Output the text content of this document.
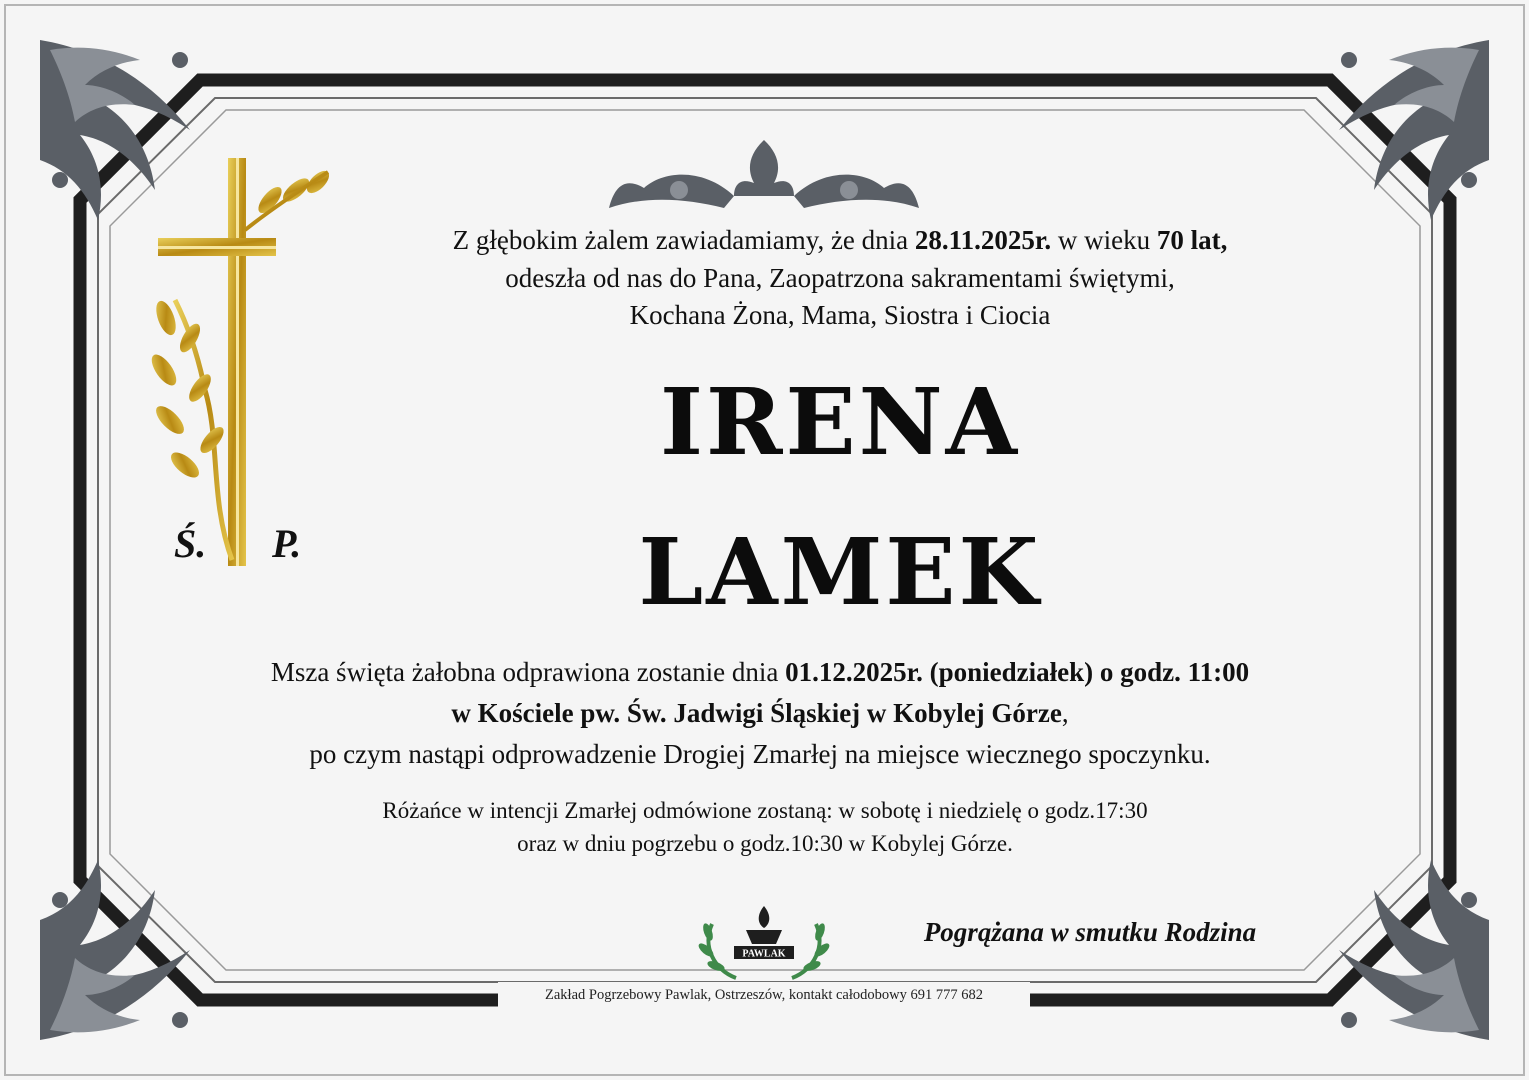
PAWLAK
Ś. P.
Z głębokim żalem zawiadamiamy, że dnia 28.11.2025r. w wieku 70 lat,
odeszła od nas do Pana, Zaopatrzona sakramentami świętymi,
Kochana Żona, Mama, Siostra i Ciocia
IRENA
LAMEK
Msza święta żałobna odprawiona zostanie dnia 01.12.2025r. (poniedziałek) o godz. 11:00
w Kościele pw. Św. Jadwigi Śląskiej w Kobylej Górze,
po czym nastąpi odprowadzenie Drogiej Zmarłej na miejsce wiecznego spoczynku.
Różańce w intencji Zmarłej odmówione zostaną: w sobotę i niedzielę o godz.17:30
oraz w dniu pogrzebu o godz.10:30 w Kobylej Górze.
Pogrążana w smutku Rodzina
Zakład Pogrzebowy Pawlak, Ostrzeszów, kontakt całodobowy 691 777 682
